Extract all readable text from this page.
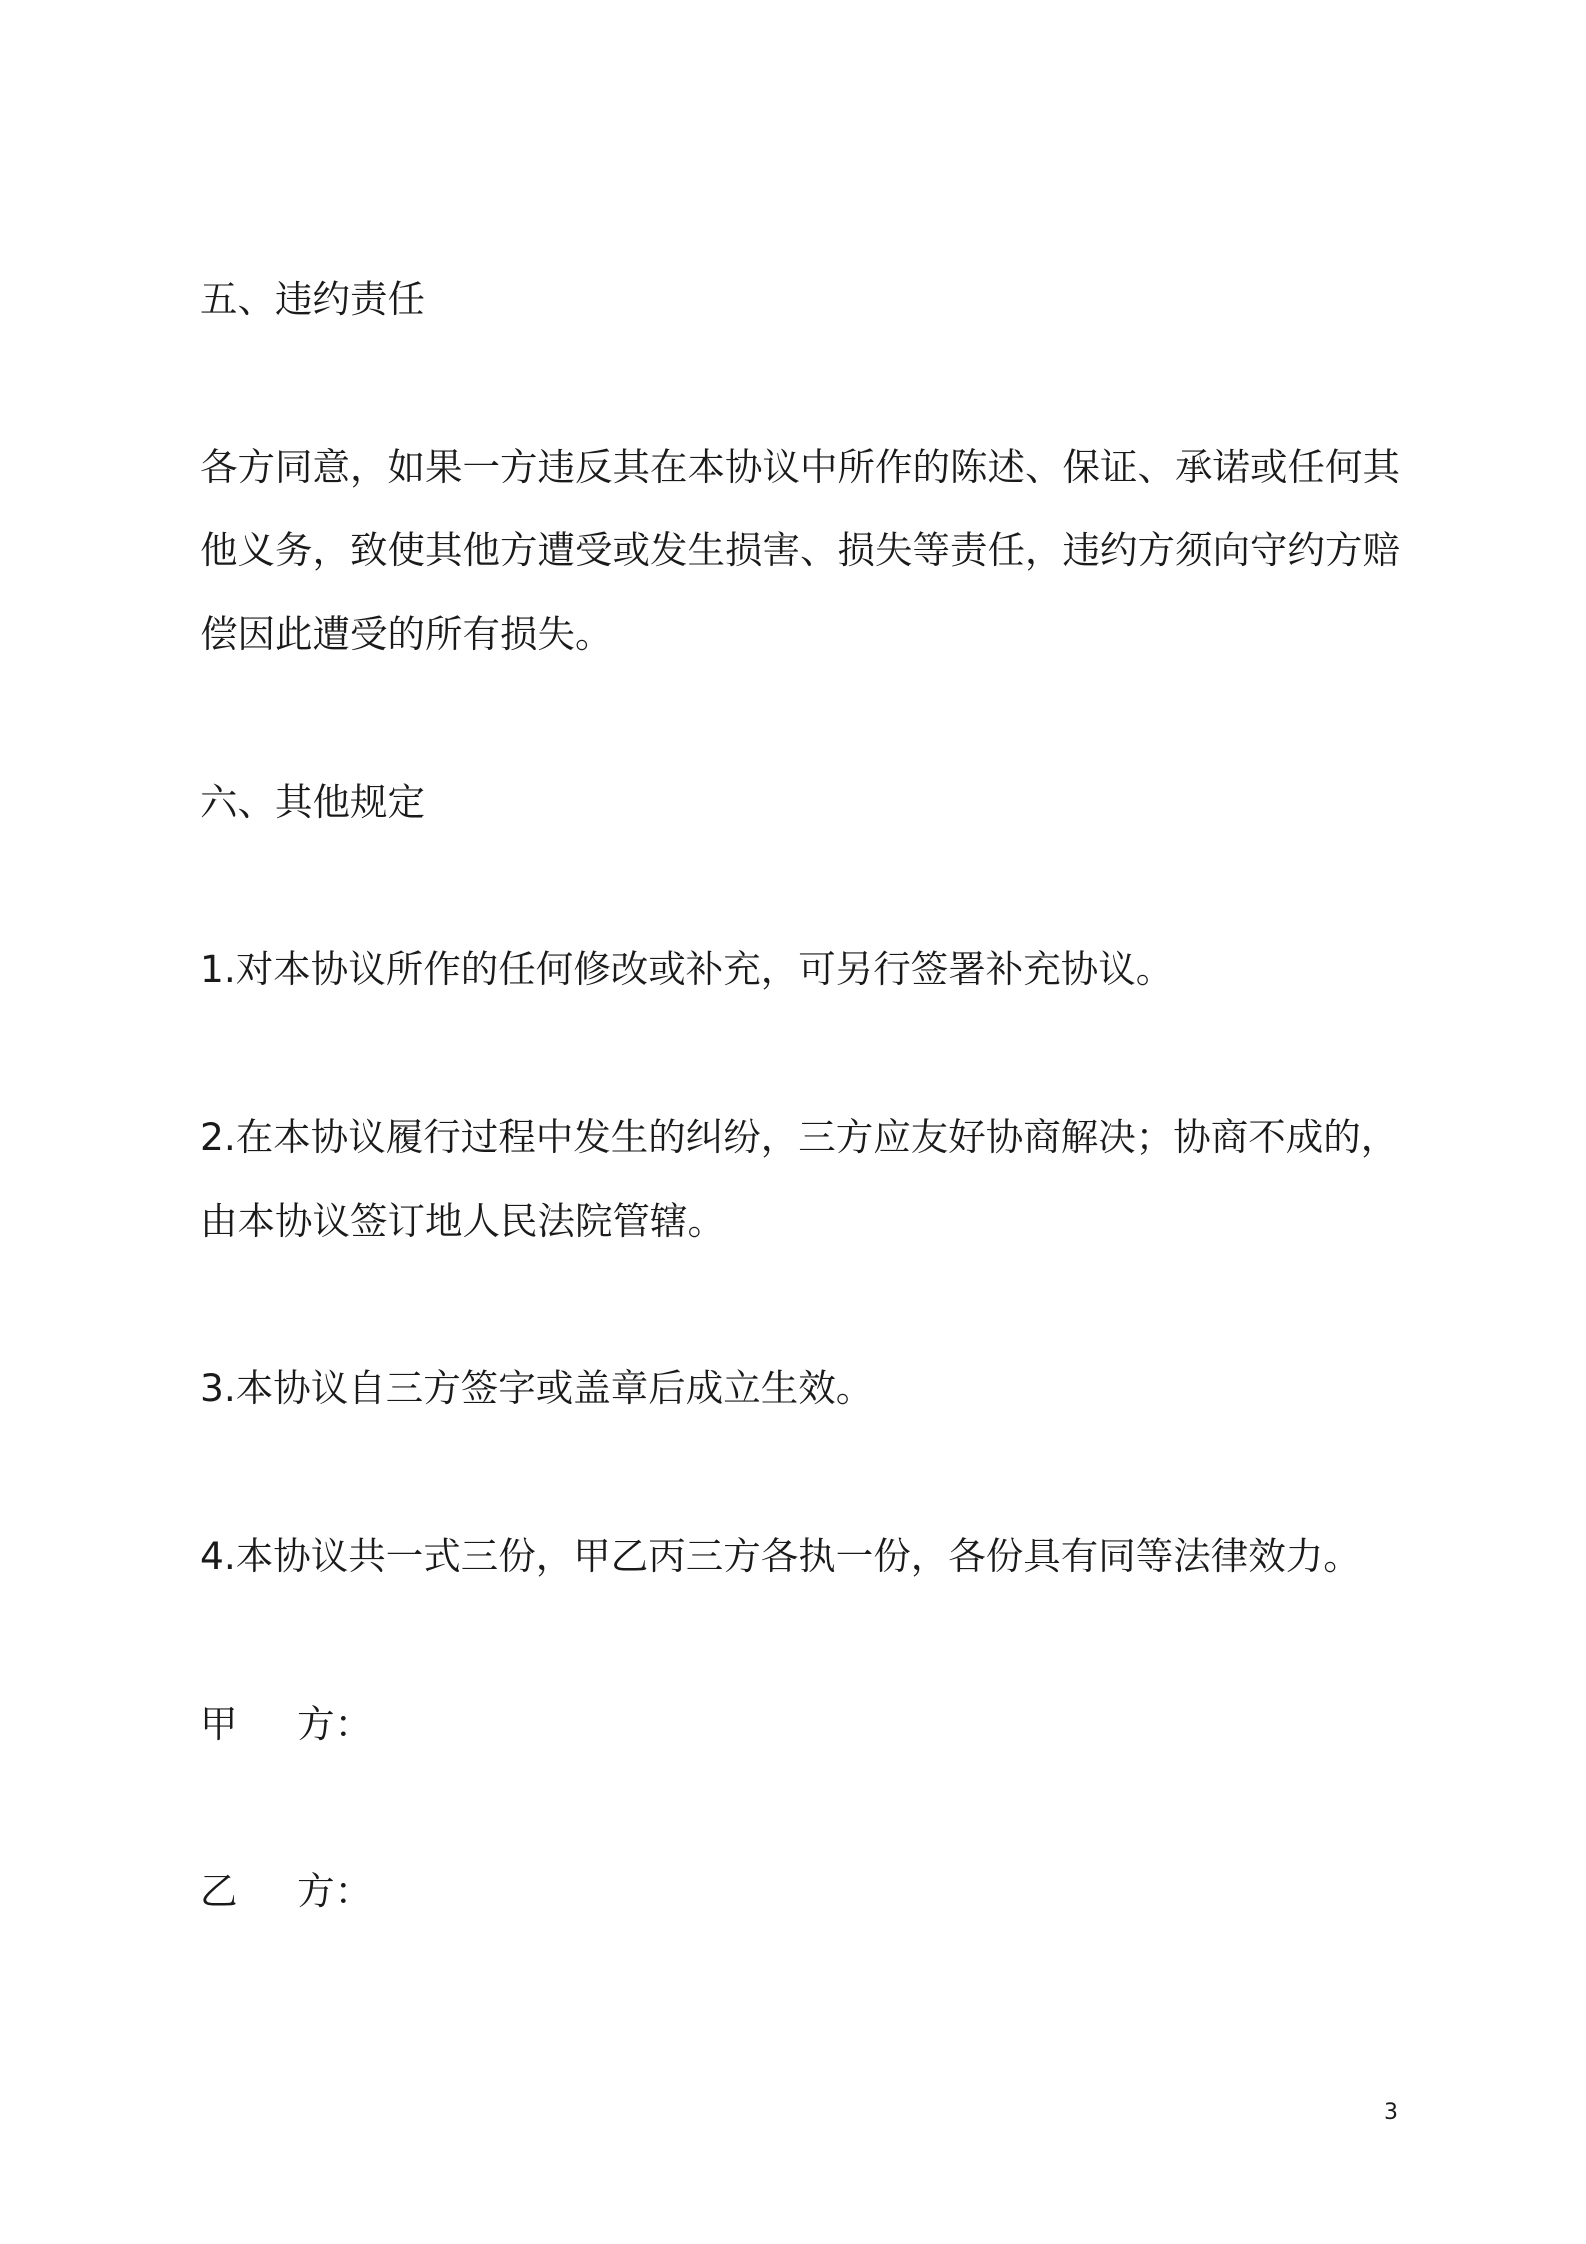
五、违约责任
各方同意，如果一方违反其在本协议中所作的陈述、保证、承诺或任何其
他义务，致使其他方遭受或发生损害、损失等责任，违约方须向守约方赔
偿因此遭受的所有损失。
六、其他规定
1.对本协议所作的任何修改或补充，可另行签署补充协议。
2.在本协议履行过程中发生的纠纷，三方应友好协商解决；协商不成的，
由本协议签订地人民法院管辖。
3.本协议自三方签字或盖章后成立生效。
4.本协议共一式三份，甲乙丙三方各执一份，各份具有同等法律效力。
甲     方：
乙     方：
3
